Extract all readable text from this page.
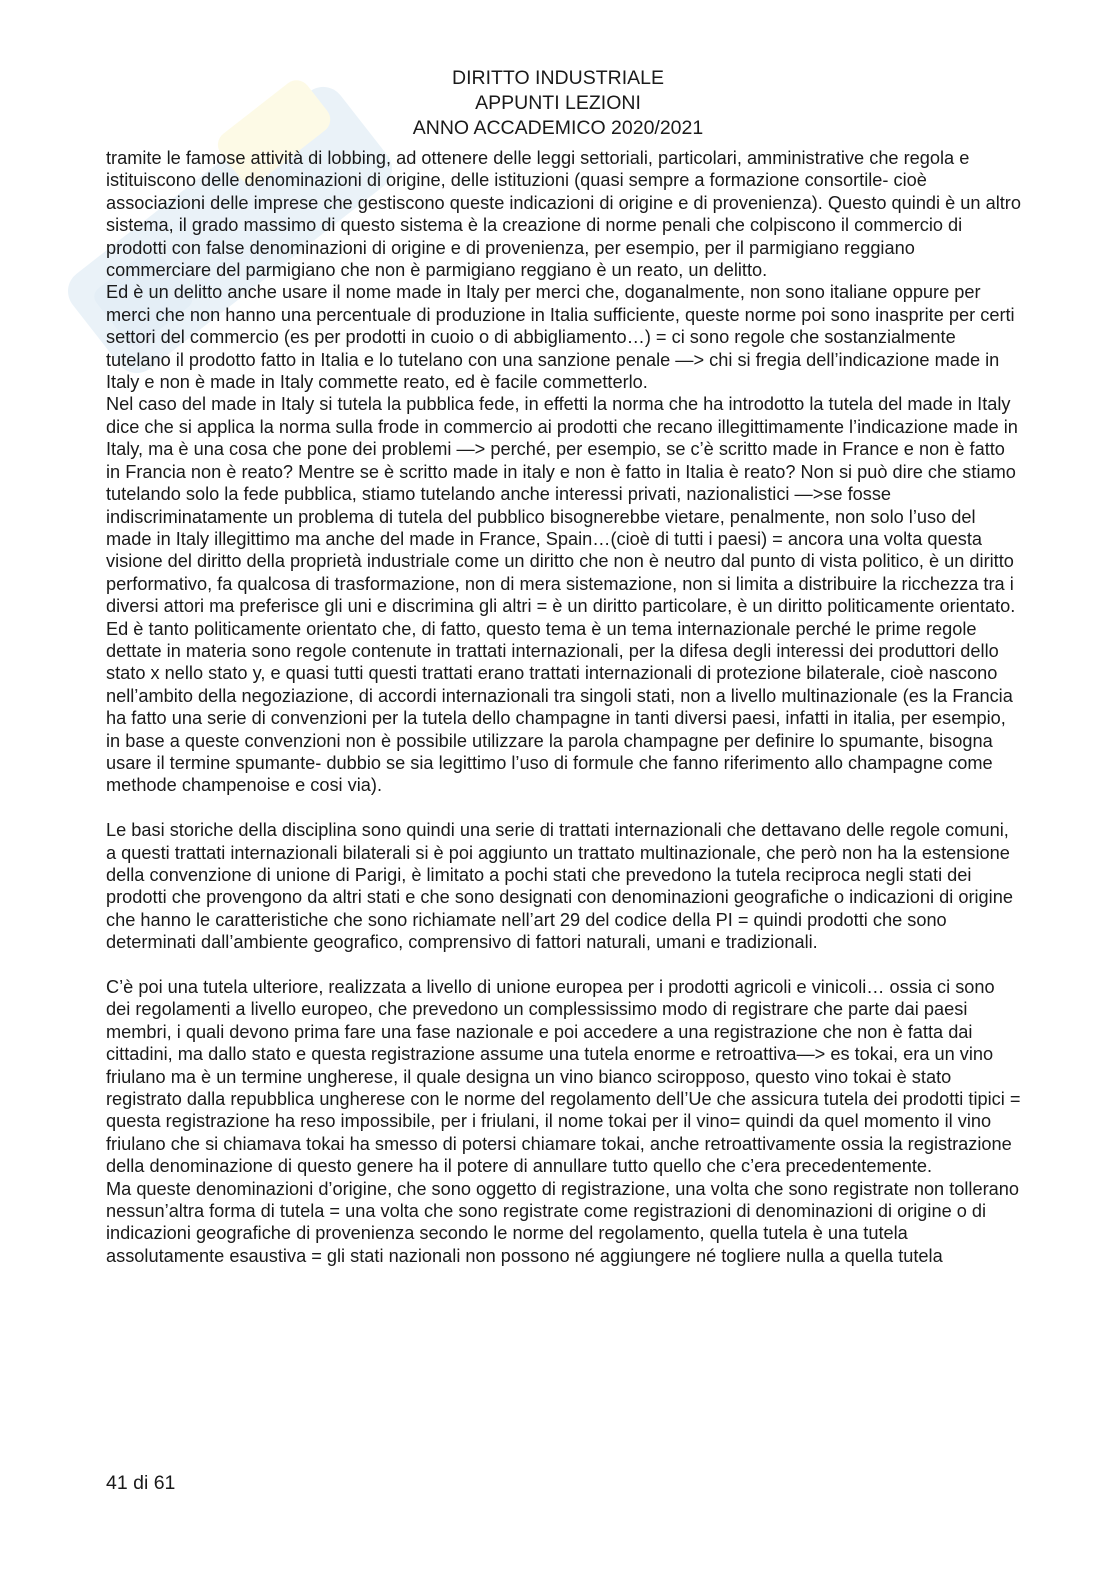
DIRITTO INDUSTRIALE
APPUNTI LEZIONI
ANNO ACCADEMICO 2020/2021

tramite le famose attività di lobbing, ad ottenere delle leggi settoriali, particolari, amministrative che regola e istituiscono delle denominazioni di origine, delle istituzioni (quasi sempre a formazione consortile- cioè associazioni delle imprese che gestiscono queste indicazioni di origine e di provenienza). Questo quindi è un altro sistema, il grado massimo di questo sistema è la creazione di norme penali che colpiscono il commercio di prodotti con false denominazioni di origine e di provenienza, per esempio, per il parmigiano reggiano commerciare del parmigiano che non è parmigiano reggiano è un reato, un delitto.

Ed è un delitto anche usare il nome made in Italy per merci che, doganalmente, non sono italiane oppure per merci che non hanno una percentuale di produzione in Italia sufficiente, queste norme poi sono inasprite per certi settori del commercio (es per prodotti in cuoio o di abbigliamento…) = ci sono regole che sostanzialmente tutelano il prodotto fatto in Italia e lo tutelano con una sanzione penale —> chi si fregia dell’indicazione made in Italy e non è made in Italy commette reato, ed è facile commetterlo.

Nel caso del made in Italy si tutela la pubblica fede, in effetti la norma che ha introdotto la tutela del made in Italy dice che si applica la norma sulla frode in commercio ai prodotti che recano illegittimamente l’indicazione made in Italy, ma è una cosa che pone dei problemi —> perché, per esempio, se c’è scritto made in France e non è fatto in Francia non è reato? Mentre se è scritto made in italy e non è fatto in Italia è reato? Non si può dire che stiamo tutelando solo la fede pubblica, stiamo tutelando anche interessi privati, nazionalistici —>se fosse indiscriminatamente un problema di tutela del pubblico bisognerebbe vietare, penalmente, non solo l’uso del made in Italy illegittimo ma anche del made in France, Spain…(cioè di tutti i paesi) = ancora una volta questa visione del diritto della proprietà industriale come un diritto che non è neutro dal punto di vista politico, è un diritto performativo, fa qualcosa di trasformazione, non di mera sistemazione, non si limita a distribuire la ricchezza tra i diversi attori ma preferisce gli uni e discrimina gli altri = è un diritto particolare, è un diritto politicamente orientato.

Ed è tanto politicamente orientato che, di fatto, questo tema è un tema internazionale perché le prime regole dettate in materia sono regole contenute in trattati internazionali, per la difesa degli interessi dei produttori dello stato x nello stato y, e quasi tutti questi trattati erano trattati internazionali di protezione bilaterale, cioè nascono nell’ambito della negoziazione, di accordi internazionali tra singoli stati, non a livello multinazionale (es la Francia ha fatto una serie di convenzioni per la tutela dello champagne in tanti diversi paesi, infatti in italia, per esempio, in base a queste convenzioni non è possibile utilizzare la parola champagne per definire lo spumante, bisogna usare il termine spumante- dubbio se sia legittimo l’uso di formule che fanno riferimento allo champagne come methode champenoise e cosi via).

Le basi storiche della disciplina sono quindi una serie di trattati internazionali che dettavano delle regole comuni, a questi trattati internazionali bilaterali si è poi aggiunto un trattato multinazionale, che però non ha la estensione della convenzione di unione di Parigi, è limitato a pochi stati che prevedono la tutela reciproca negli stati dei prodotti che provengono da altri stati e che sono designati con denominazioni geografiche o indicazioni di origine che hanno le caratteristiche che sono richiamate nell’art 29 del codice della PI = quindi prodotti che sono determinati dall’ambiente geografico, comprensivo di fattori naturali, umani e tradizionali.

C’è poi una tutela ulteriore, realizzata a livello di unione europea per i prodotti agricoli e vinicoli… ossia ci sono dei regolamenti a livello europeo, che prevedono un complessissimo modo di registrare che parte dai paesi membri, i quali devono prima fare una fase nazionale e poi accedere a una registrazione che non è fatta dai cittadini, ma dallo stato e questa registrazione assume una tutela enorme e retroattiva—> es tokai, era un vino friulano ma è un termine ungherese, il quale designa un vino bianco sciropposo, questo vino tokai è stato registrato dalla repubblica ungherese con le norme del regolamento dell’Ue che assicura tutela dei prodotti tipici = questa registrazione ha reso impossibile, per i friulani, il nome tokai per il vino= quindi da quel momento il vino friulano che si chiamava tokai ha smesso di potersi chiamare tokai, anche retroattivamente ossia la registrazione della denominazione di questo genere ha il potere di annullare tutto quello che c’era precedentemente.

Ma queste denominazioni d’origine, che sono oggetto di registrazione, una volta che sono registrate non tollerano nessun’altra forma di tutela = una volta che sono registrate come registrazioni di denominazioni di origine o di indicazioni geografiche di provenienza secondo le norme del regolamento, quella tutela è una tutela assolutamente esaustiva = gli stati nazionali non possono né aggiungere né togliere nulla a quella tutela

41 di 61
